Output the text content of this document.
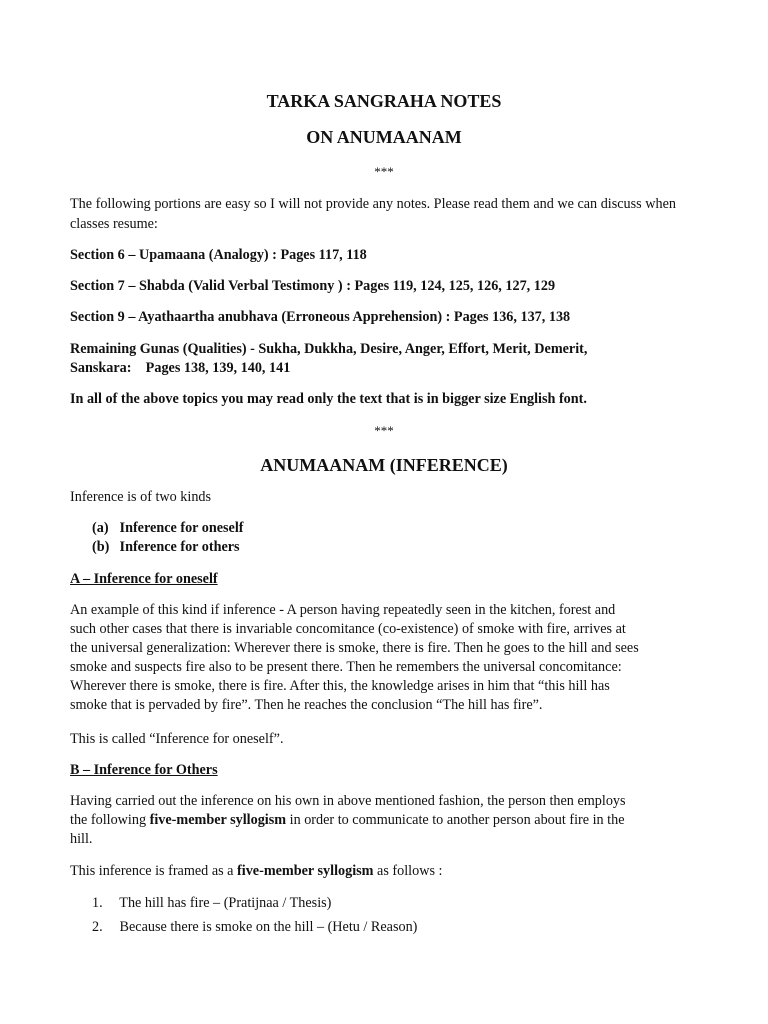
TARKA SANGRAHA NOTES
ON ANUMAANAM
***
The following portions are easy so I will not provide any notes. Please read them and we can discuss when classes resume:
Section 6 – Upamaana (Analogy) : Pages 117, 118
Section 7 – Shabda (Valid Verbal Testimony ) : Pages 119, 124, 125, 126, 127, 129
Section 9 – Ayathaartha anubhava (Erroneous Apprehension) : Pages 136, 137, 138
Remaining Gunas (Qualities) - Sukha, Dukkha, Desire, Anger, Effort, Merit, Demerit,
Sanskara:    Pages 138, 139, 140, 141
In all of the above topics you may read only the text that is in bigger size English font.
***
ANUMAANAM (INFERENCE)
Inference is of two kinds
(a) Inference for oneself
(b) Inference for others
A – Inference for oneself
An example of this kind if inference - A person having repeatedly seen in the kitchen, forest and
such other cases that there is invariable concomitance (co-existence) of smoke with fire, arrives at
the universal generalization: Wherever there is smoke, there is fire. Then he goes to the hill and sees
smoke and suspects fire also to be present there. Then he remembers the universal concomitance:
Wherever there is smoke, there is fire. After this, the knowledge arises in him that “this hill has
smoke that is pervaded by fire”. Then he reaches the conclusion “The hill has fire”.
This is called “Inference for oneself”.
B – Inference for Others
Having carried out the inference on his own in above mentioned fashion, the person then employs
the following five-member syllogism in order to communicate to another person about fire in the
hill.
This inference is framed as a five-member syllogism as follows :
1. The hill has fire – (Pratijnaa / Thesis)
2. Because there is smoke on the hill – (Hetu / Reason)
